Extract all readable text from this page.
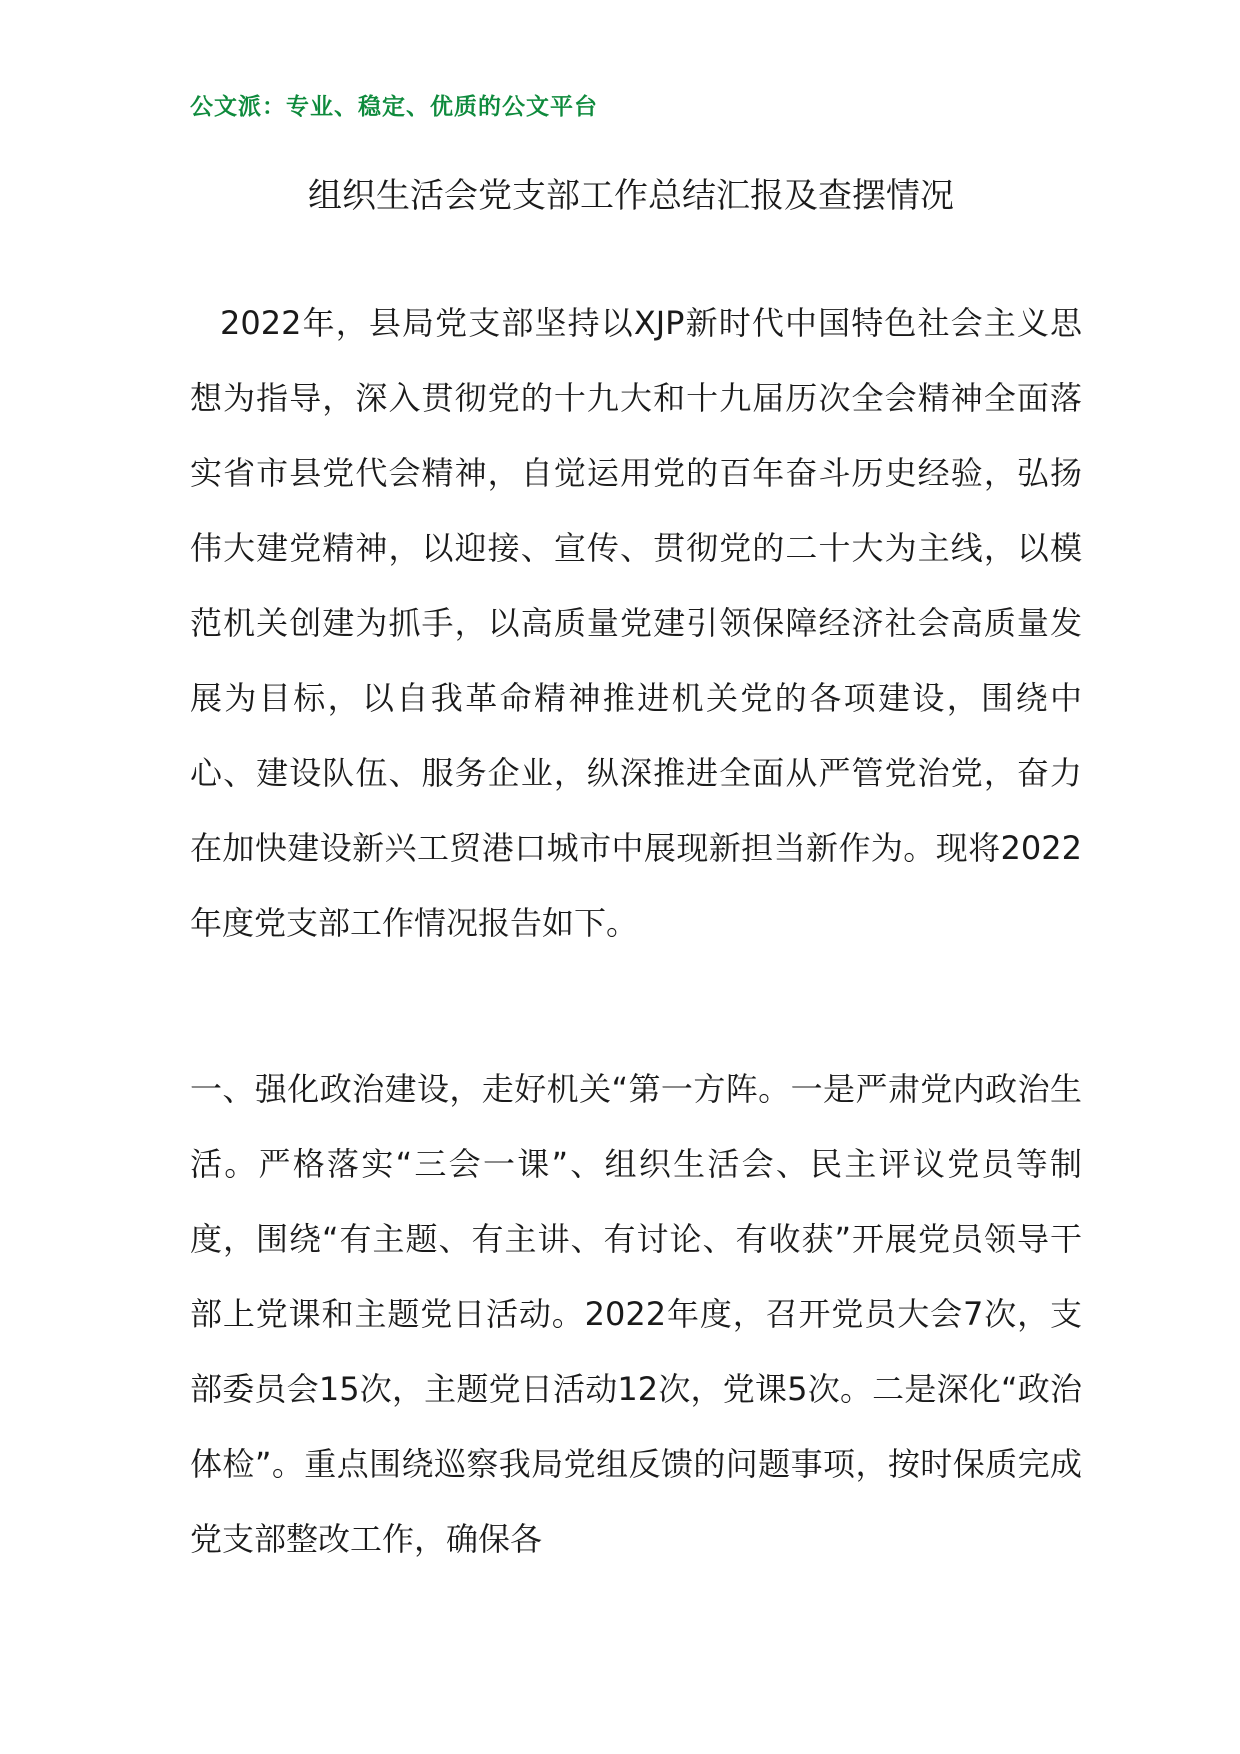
公文派：专业、稳定、优质的公文平台
组织生活会党支部工作总结汇报及查摆情况

2022年，县局党支部坚持以XJP新时代中国特色社会主义思想为指导，深入贯彻党的十九大和十九届历次全会精神全面落实省市县党代会精神，自觉运用党的百年奋斗历史经验，弘扬伟大建党精神，以迎接、宣传、贯彻党的二十大为主线，以模范机关创建为抓手，以高质量党建引领保障经济社会高质量发展为目标，以自我革命精神推进机关党的各项建设，围绕中心、建设队伍、服务企业，纵深推进全面从严管党治党，奋力在加快建设新兴工贸港口城市中展现新担当新作为。现将2022年度党支部工作情况报告如下。

一、强化政治建设，走好机关“第一方阵。一是严肃党内政治生活。严格落实“三会一课”、组织生活会、民主评议党员等制度，围绕“有主题、有主讲、有讨论、有收获”开展党员领导干部上党课和主题党日活动。2022年度，召开党员大会7次，支部委员会15次，主题党日活动12次，党课5次。二是深化“政治体检”。重点围绕巡察我局党组反馈的问题事项，按时保质完成党支部整改工作，确保各
